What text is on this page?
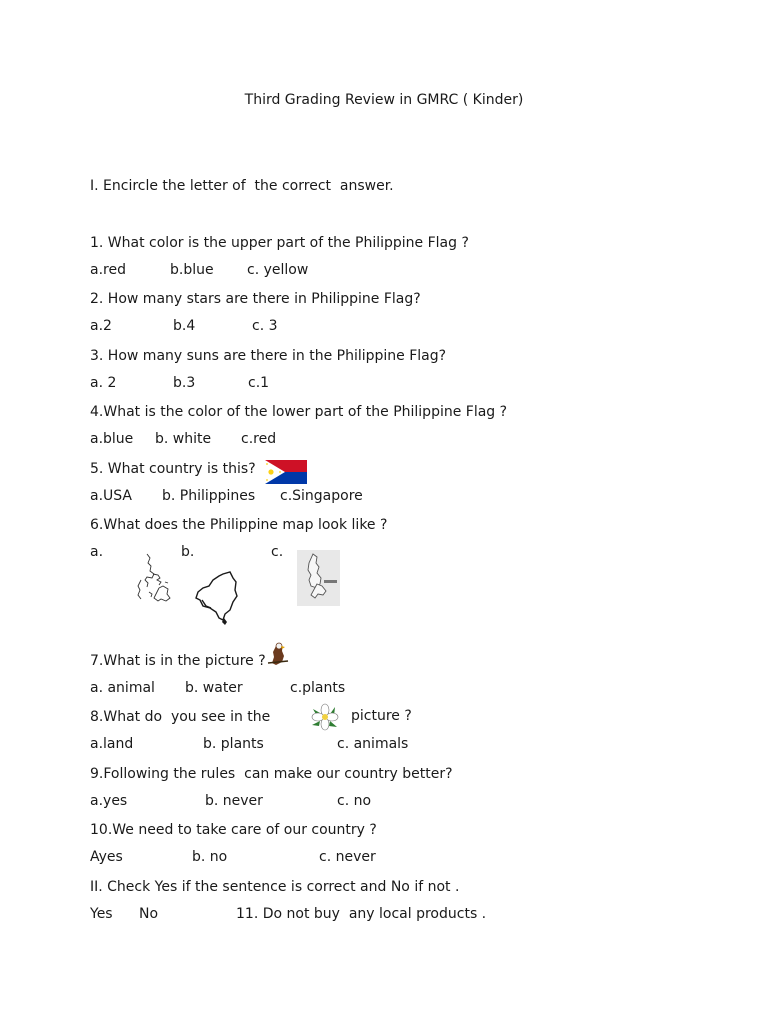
Third Grading Review in GMRC ( Kinder)
I. Encircle the letter of  the correct  answer.
1. What color is the upper part of the Philippine Flag ?
a.red	b.blue c. yellow
2. How many stars are there in Philippine Flag?
a.2	b.4	c. 3
3. How many suns are there in the Philippine Flag?
a. 2	b.3	c.1
4.What is the color of the lower part of the Philippine Flag ?
a.blue b. white c.red
5. What country is this?
a.USA b. Philippines c.Singapore
6.What does the Philippine map look like ?
a.	b.	c.
7.What is in the picture ?
a. animal b. water	c.plants
8.What do  you see in the	picture ?
a.land	b. plants	c. animals
9.Following the rules  can make our country better?
a.yes	b. never	c. no
10.We need to take care of our country ?
Ayes	b. no	c. never
II. Check Yes if the sentence is correct and No if not .
Yes No	11. Do not buy  any local products .
